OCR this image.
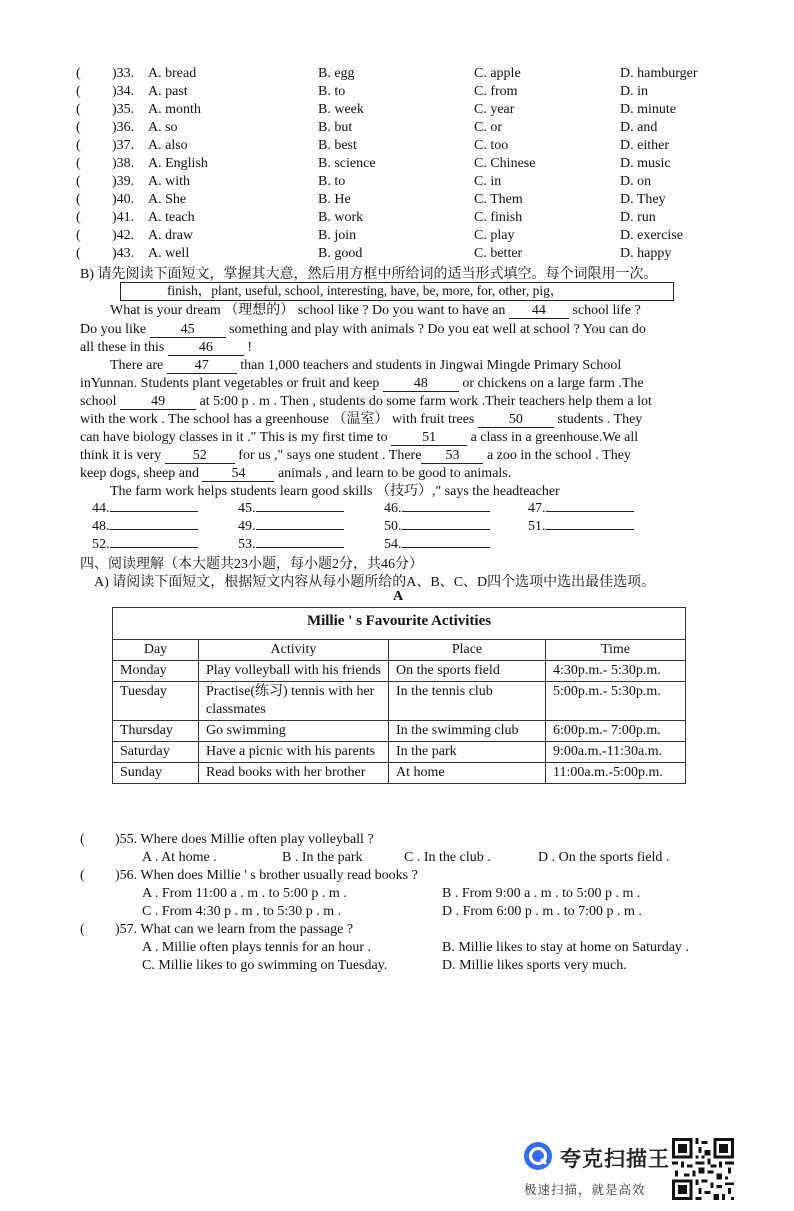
( )33. A. bread	B. egg	C. apple	D. hamburger
( )34. A. past	B. to	C. from	D. in
( )35. A. month	B. week	C. year	D. minute
( )36. A. so	B. but	C. or	D. and
( )37. A. also	B. best	C. too	D. either
( )38. A. English	B. science	C. Chinese	D. music
( )39. A. with	B. to	C. in	D. on
( )40. A. She	B. He	C. Them	D. They
( )41. A. teach	B. work	C. finish	D. run
( )42. A. draw	B. join	C. play	D. exercise
( )43. A. well	B. good	C. better	D. happy
B) 请先阅读下面短文，掌握其大意，然后用方框中所给词的适当形式填空。每个词限用一次。
finish，plant, useful, school, interesting, have, be, more, for, other, pig，
What is your dream （理想的） school like ? Do you want to have an 44 school life ?
Do you like 45 something and play with animals ? Do you eat well at school ? You can do
all these in this 46 !
There are 47 than 1,000 teachers and students in Jingwai Mingde Primary School
inYunnan. Students plant vegetables or fruit and keep 48 or chickens on a large farm .The
school 49 at 5:00 p . m . Then , students do some farm work .Their teachers help them a lot
with the work . The school has a greenhouse （温室） with fruit trees 50 students . They
can have biology classes in it ." This is my first time to 51 a class in a greenhouse.We all
think it is very 52 for us ," says one student . There 53 a zoo in the school . They
keep dogs, sheep and 54 animals , and learn to be good to animals.
The farm work helps students learn good skills （技巧）," says the headteacher
44.	45.	46.	47.
48.	49.	50.	51.
52.	53.	54.
四、阅读理解（本大题共23小题，每小题2分，共46分）
A) 请阅读下面短文，根据短文内容从每小题所给的A、B、C、D四个选项中选出最佳选项。
A
Millie ' s Favourite Activities			
Day	Activity	Place	Time
Monday	Play volleyball with his friends	On the sports field	4:30p.m.- 5:30p.m.
Tuesday	Practise(练习) tennis with her classmates	In the tennis club	5:00p.m.- 5:30p.m.
Thursday	Go swimming	In the swimming club	6:00p.m.- 7:00p.m.
Saturday	Have a picnic with his parents	In the park	9:00a.m.-11:30a.m.
Sunday	Read books with her brother	At home	11:00a.m.-5:00p.m.
( )55. Where does Millie often play volleyball ?
A . At home .	B . In the park	C . In the club .	D . On the sports field .
( )56. When does Millie ' s brother usually read books ?
A . From 11:00 a . m . to 5:00 p . m .	B . From 9:00 a . m . to 5:00 p . m .
C . From 4:30 p . m . to 5:30 p . m .	D . From 6:00 p . m . to 7:00 p . m .
( )57. What can we learn from the passage ?
A . Millie often plays tennis for an hour .	B. Millie likes to stay at home on Saturday .
C. Millie likes to go swimming on Tuesday.	D. Millie likes sports very much.
夸克扫描王
极速扫描，就是高效
